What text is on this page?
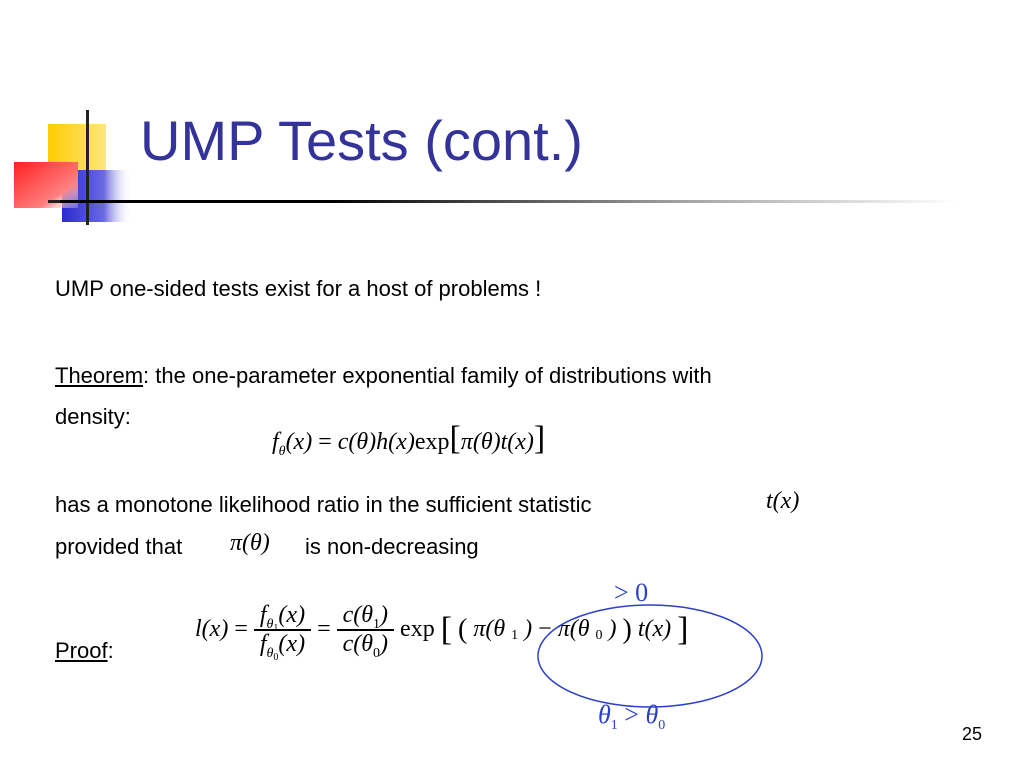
UMP Tests (cont.)
UMP one-sided tests exist for a host of problems !
Theorem: the one-parameter exponential family of distributions with
density:
$f_\theta(x) = c(\theta)h(x)\exp[\pi(\theta)t(x)]$
has a monotone likelihood ratio in the sufficient statistic	t(x)
provided that π(θ) is non-decreasing
Proof:
$l(x) = \frac{f_{\theta_1}(x)}{f_{\theta_0}(x)} = \frac{c(\theta_1)}{c(\theta_0)}$ exp [ ( π(θ 1 ) − π(θ 0 ) ) t(x) ]
> 0
$\theta_1 > \theta_0$	25
